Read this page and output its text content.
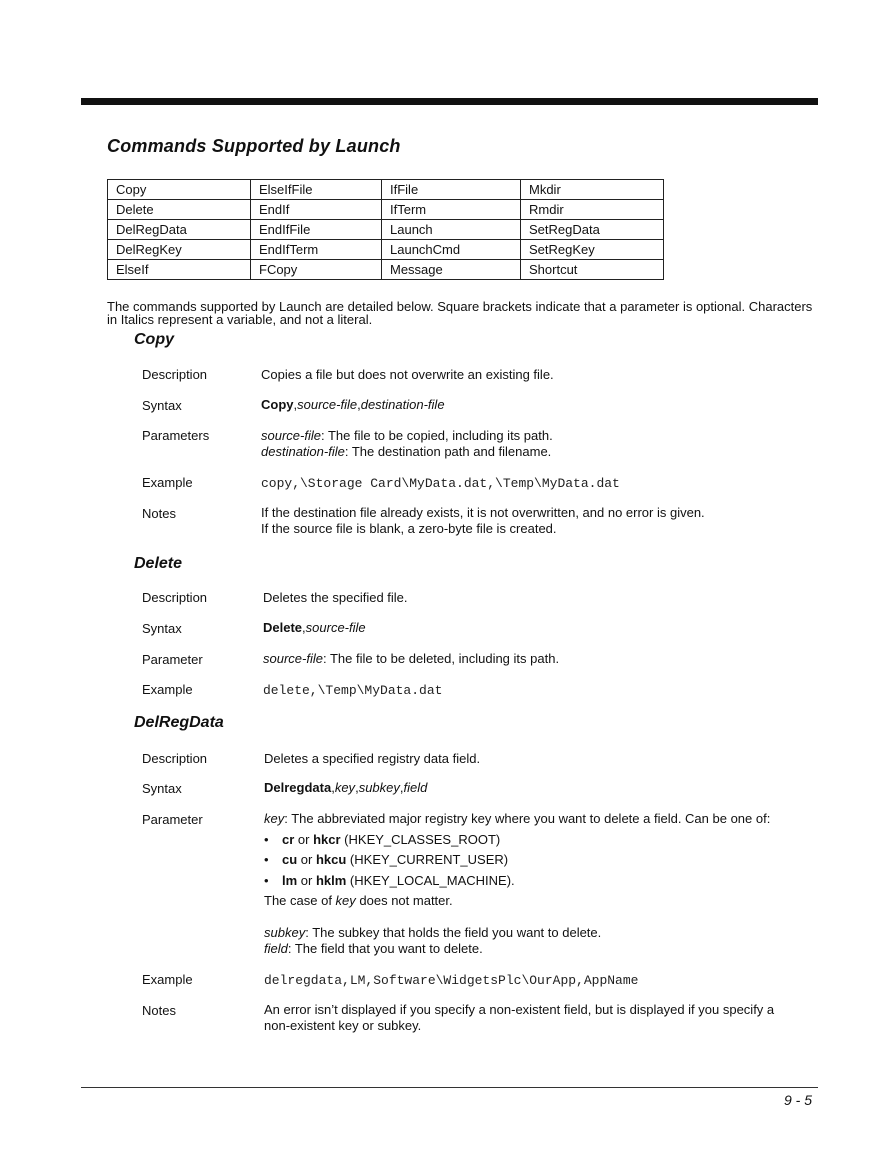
Commands Supported by Launch
Copy	ElseIfFile	IfFile	Mkdir
Delete	EndIf	IfTerm	Rmdir
DelRegData	EndIfFile	Launch	SetRegData
DelRegKey	EndIfTerm	LaunchCmd	SetRegKey
ElseIf	FCopy	Message	Shortcut
The commands supported by Launch are detailed below. Square brackets indicate that a parameter is optional. Characters
in Italics represent a variable, and not a literal.
Copy
Description	Copies a file but does not overwrite an existing file.
Syntax	Copy,source-file,destination-file
Parameters	source-file: The file to be copied, including its path.
destination-file: The destination path and filename.
Example	copy,\Storage Card\MyData.dat,\Temp\MyData.dat
Notes	If the destination file already exists, it is not overwritten, and no error is given.
If the source file is blank, a zero-byte file is created.
Delete
Description	Deletes the specified file.
Syntax	Delete,source-file
Parameter	source-file: The file to be deleted, including its path.
Example	delete,\Temp\MyData.dat
DelRegData
Description	Deletes a specified registry data field.
Syntax	Delregdata,key,subkey,field
Parameter	key: The abbreviated major registry key where you want to delete a field. Can be one of:
• cr or hkcr (HKEY_CLASSES_ROOT)
• cu or hkcu (HKEY_CURRENT_USER)
• lm or hklm (HKEY_LOCAL_MACHINE).
The case of key does not matter.
subkey: The subkey that holds the field you want to delete.
field: The field that you want to delete.
Example	delregdata,LM,Software\WidgetsPlc\OurApp,AppName
Notes	An error isn’t displayed if you specify a non-existent field, but is displayed if you specify a
non-existent key or subkey.
9 - 5
